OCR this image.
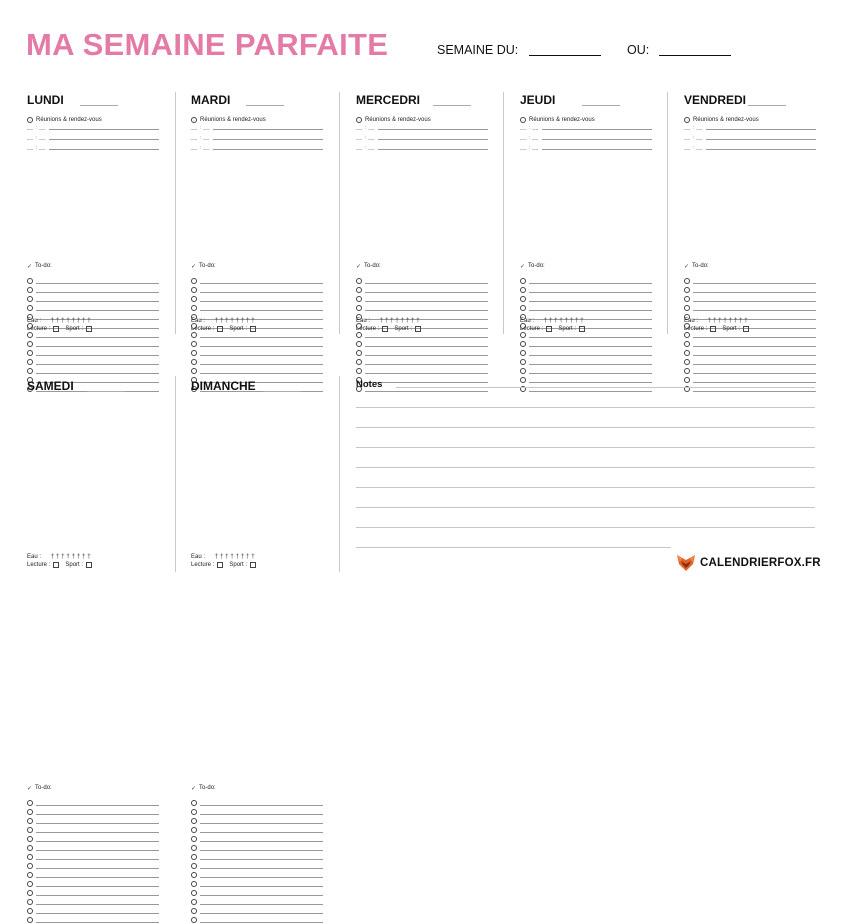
MA SEMAINE PARFAITE	SEMAINE DU:	OU:
LUNDI
· Réunions & rendez-vous
__ : __
__ : __
__ : __
✓ To-do:
Eau : † † † † † † † †
Lecture :	Sport :
MARDI
· Réunions & rendez-vous
__ : __
__ : __
__ : __
✓ To-do:
Eau : † † † † † † † †
Lecture :	Sport :
MERCEDRI
· Réunions & rendez-vous
__ : __
__ : __
__ : __
✓ To-do:
Eau : † † † † † † † †
Lecture :	Sport :
JEUDI
· Réunions & rendez-vous
__ : __
__ : __
__ : __
✓ To-do:
Eau : † † † † † † † †
Lecture :	Sport :
VENDREDI
· Réunions & rendez-vous
__ : __
__ : __
__ : __
✓ To-do:
Eau : † † † † † † † †
Lecture :	Sport :
SAMEDI
✓ To-do:
Eau : † † † † † † † †
Lecture :	Sport :
DIMANCHE
✓ To-do:
Eau : † † † † † † † †
Lecture :	Sport :
Notes
CALENDRIERFOX.FR
